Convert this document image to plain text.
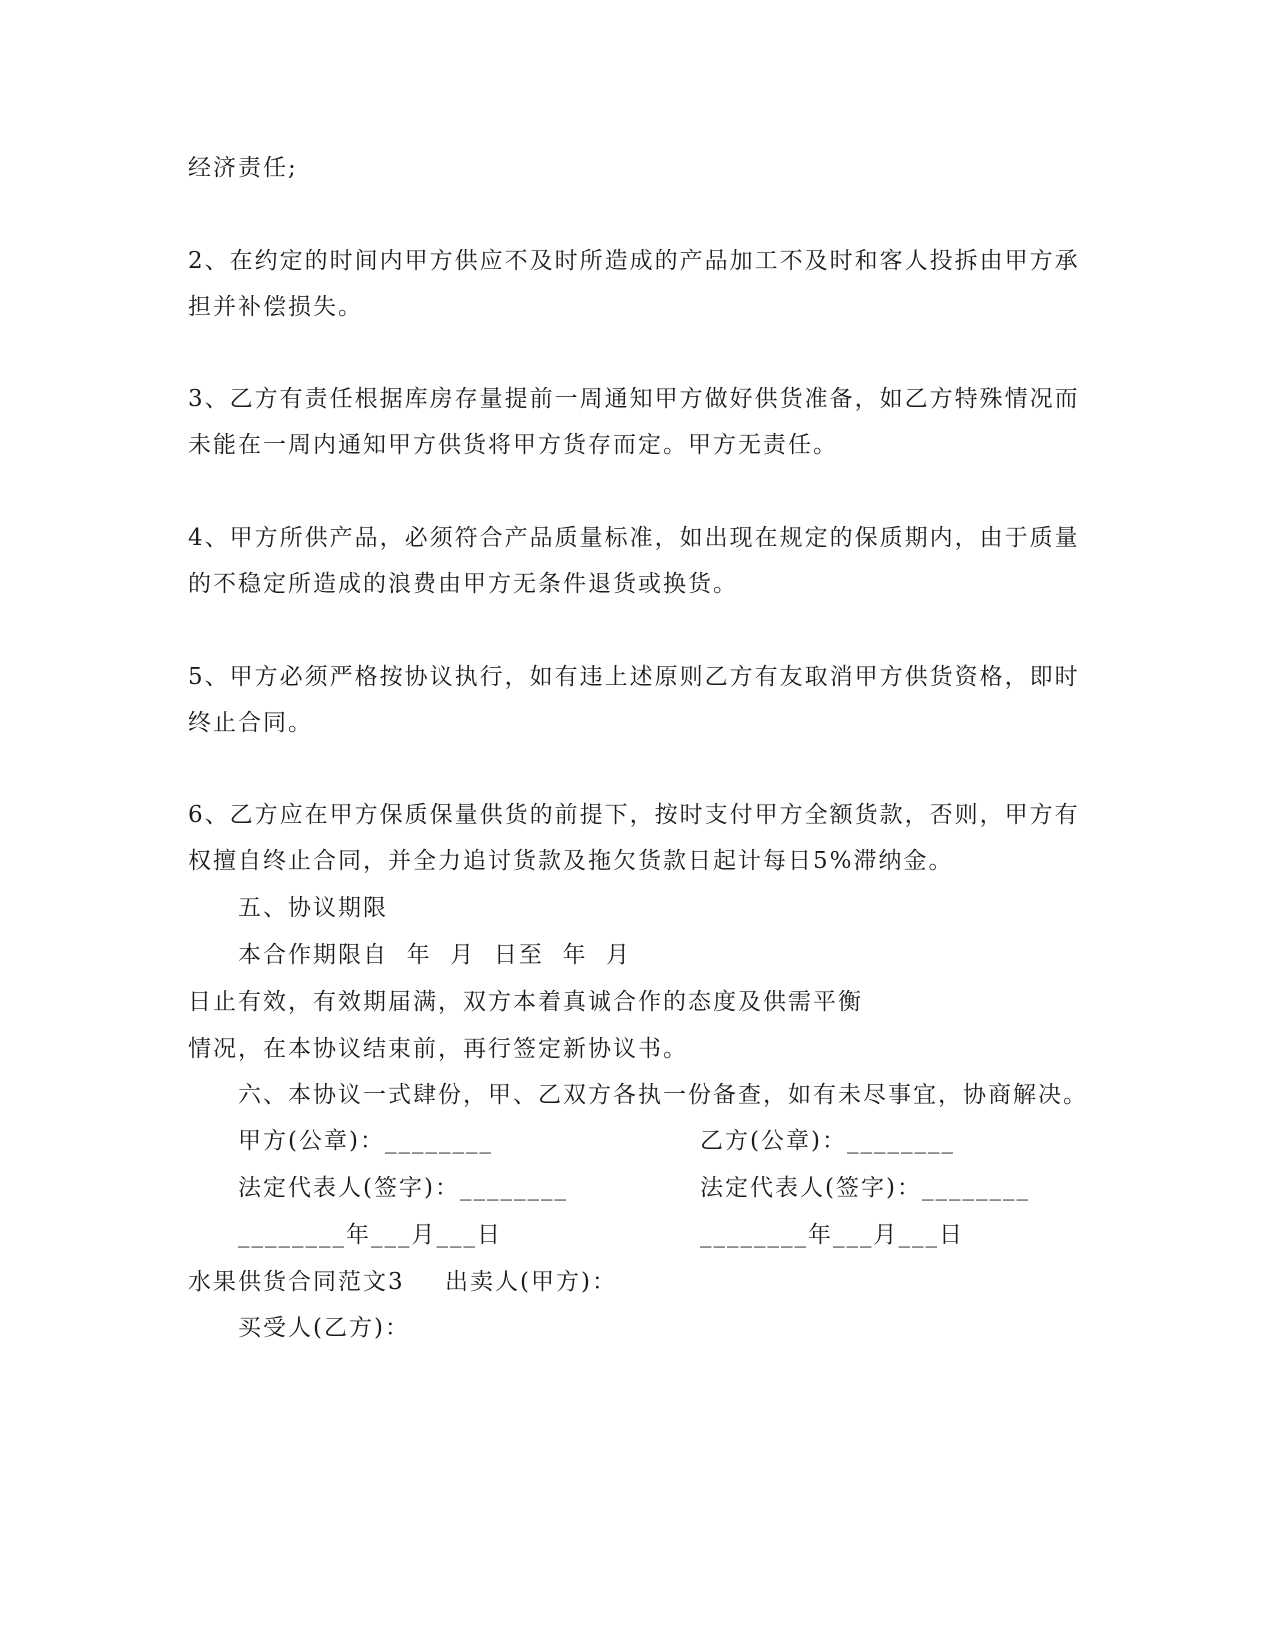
经济责任;
2、在约定的时间内甲方供应不及时所造成的产品加工不及时和客人投拆由甲方承
担并补偿损失。
3、乙方有责任根据库房存量提前一周通知甲方做好供货准备，如乙方特殊情况而
未能在一周内通知甲方供货将甲方货存而定。甲方无责任。
4、甲方所供产品，必须符合产品质量标准，如出现在规定的保质期内，由于质量
的不稳定所造成的浪费由甲方无条件退货或换货。
5、甲方必须严格按协议执行，如有违上述原则乙方有友取消甲方供货资格，即时
终止合同。
6、乙方应在甲方保质保量供货的前提下，按时支付甲方全额货款，否则，甲方有
权擅自终止合同，并全力追讨货款及拖欠货款日起计每日5%滞纳金。
五、协议期限
本合作期限自  年  月  日至  年  月
日止有效，有效期届满，双方本着真诚合作的态度及供需平衡
情况，在本协议结束前，再行签定新协议书。
六、本协议一式肆份，甲、乙双方各执一份备查，如有未尽事宜，协商解决。
甲方(公章)：________	乙方(公章)：________
法定代表人(签字)：________	法定代表人(签字)：________
________年___月___日	________年___月___日
水果供货合同范文3 出卖人(甲方)：
买受人(乙方)：
